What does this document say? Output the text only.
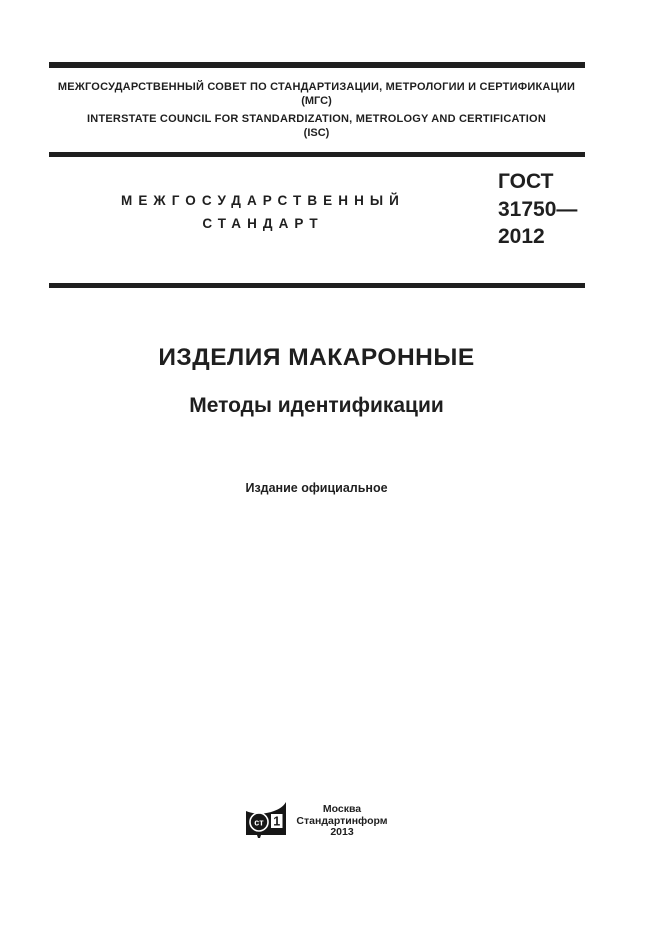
МЕЖГОСУДАРСТВЕННЫЙ СОВЕТ ПО СТАНДАРТИЗАЦИИ, МЕТРОЛОГИИ И СЕРТИФИКАЦИИ
(МГС)
INTERSTATE COUNCIL FOR STANDARDIZATION, METROLOGY AND CERTIFICATION
(ISC)
МЕЖГОСУДАРСТВЕННЫЙ
СТАНДАРТ
ГОСТ
31750—
2012
ИЗДЕЛИЯ МАКАРОННЫЕ
Методы идентификации
Издание официальное
ст 1
Москва
Стандартинформ
2013
